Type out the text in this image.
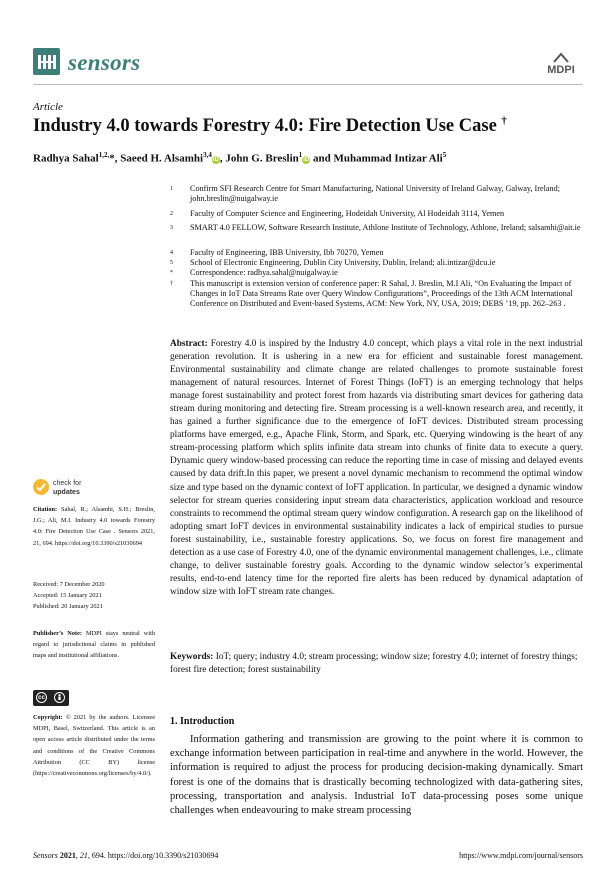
sensors	MDPI
Article
Industry 4.0 towards Forestry 4.0: Fire Detection Use Case †
Radhya Sahal$^{1,2,}$*, Saeed H. Alsamhi$^{3,4}$iD, John G. Breslin$^1$iD and Muhammad Intizar Ali$^5$
1	Confirm SFI Research Centre for Smart Manufacturing, National University of Ireland Galway, Galway, Ireland; john.breslin@nuigalway.ie
2	Faculty of Computer Science and Engineering, Hodeidah University, Al Hodeidah 3114, Yemen
3	SMART 4.0 FELLOW, Software Research Institute, Athlone Institute of Technology, Athlone, Ireland; salsamhi@ait.ie
4	Faculty of Engineering, IBB University, Ibb 70270, Yemen
5	School of Electronic Engineering, Dublin City University, Dublin, Ireland; ali.intizar@dcu.ie
*	Correspondence: radhya.sahal@nuigalway.ie
†	This manuscript is extension version of conference paper: R Sahal, J. Breslin, M.I Ali, “On Evaluating the Impact of Changes in IoT Data Streams Rate over Query Window Configurations”, Proceedings of the 13th ACM International Conference on Distributed and Event-based Systems, ACM: New York, NY, USA, 2019; DEBS ’19, pp. 262–263 .
Abstract: Forestry 4.0 is inspired by the Industry 4.0 concept, which plays a vital role in the next industrial generation revolution. It is ushering in a new era for efficient and sustainable forest management. Environmental sustainability and climate change are related challenges to promote sustainable forest management of natural resources. Internet of Forest Things (IoFT) is an emerging technology that helps manage forest sustainability and protect forest from hazards via distributing smart devices for gathering data stream during monitoring and detecting fire. Stream processing is a well-known research area, and recently, it has gained a further significance due to the emergence of IoFT devices. Distributed stream processing platforms have emerged, e.g., Apache Flink, Storm, and Spark, etc. Querying windowing is the heart of any stream-processing platform which splits infinite data stream into chunks of finite data to execute a query. Dynamic query window-based processing can reduce the reporting time in case of missing and delayed events caused by data drift.In this paper, we present a novel dynamic mechanism to recommend the optimal window size and type based on the dynamic context of IoFT application. In particular, we designed a dynamic window selector for stream queries considering input stream data characteristics, application workload and resource constraints to recommend the optimal stream query window configuration. A research gap on the likelihood of adopting smart IoFT devices in environmental sustainability indicates a lack of empirical studies to pursue forest sustainability, i.e., sustainable forestry applications. So, we focus on forest fire management and detection as a use case of Forestry 4.0, one of the dynamic environmental management challenges, i.e., climate change, to deliver sustainable forestry goals. According to the dynamic window selector’s experimental results, end-to-end latency time for the reported fire alerts has been reduced by dynamical adaptation of window size with IoFT stream rate changes.
Keywords: IoT; query; industry 4.0; stream processing; window size; forestry 4.0; internet of forestry things; forest fire detection; forest sustainability
check for
updates
Citation: Sahal, R.; Alsamhi, S.H.; Breslin, J.G.; Ali, M.I. Industry 4.0 towards Forestry 4.0: Fire Detection Use Case . Sensors 2021, 21, 694. https://doi.org/10.3390/s21030694
Received: 7 December 2020
Accepted: 15 January 2021
Published: 20 January 2021
Publisher’s Note: MDPI stays neutral with regard to jurisdictional claims in published maps and institutional affiliations.
cc
Copyright: © 2021 by the authors. Licensee MDPI, Basel, Switzerland. This article is an open access article distributed under the terms and conditions of the Creative Commons Attribution (CC BY) license (https://creativecommons.org/licenses/by/4.0/).
1. Introduction
Information gathering and transmission are growing to the point where it is common to exchange information between participation in real-time and anywhere in the world. However, the information is required to adjust the process for producing decision-making dynamically. Smart forest is one of the domains that is drastically becoming technologized with data-gathering sites, processing, transportation and analysis. Industrial IoT data-processing poses some unique challenges when endeavouring to make stream processing
Sensors 2021, 21, 694. https://doi.org/10.3390/s21030694	https://www.mdpi.com/journal/sensors
